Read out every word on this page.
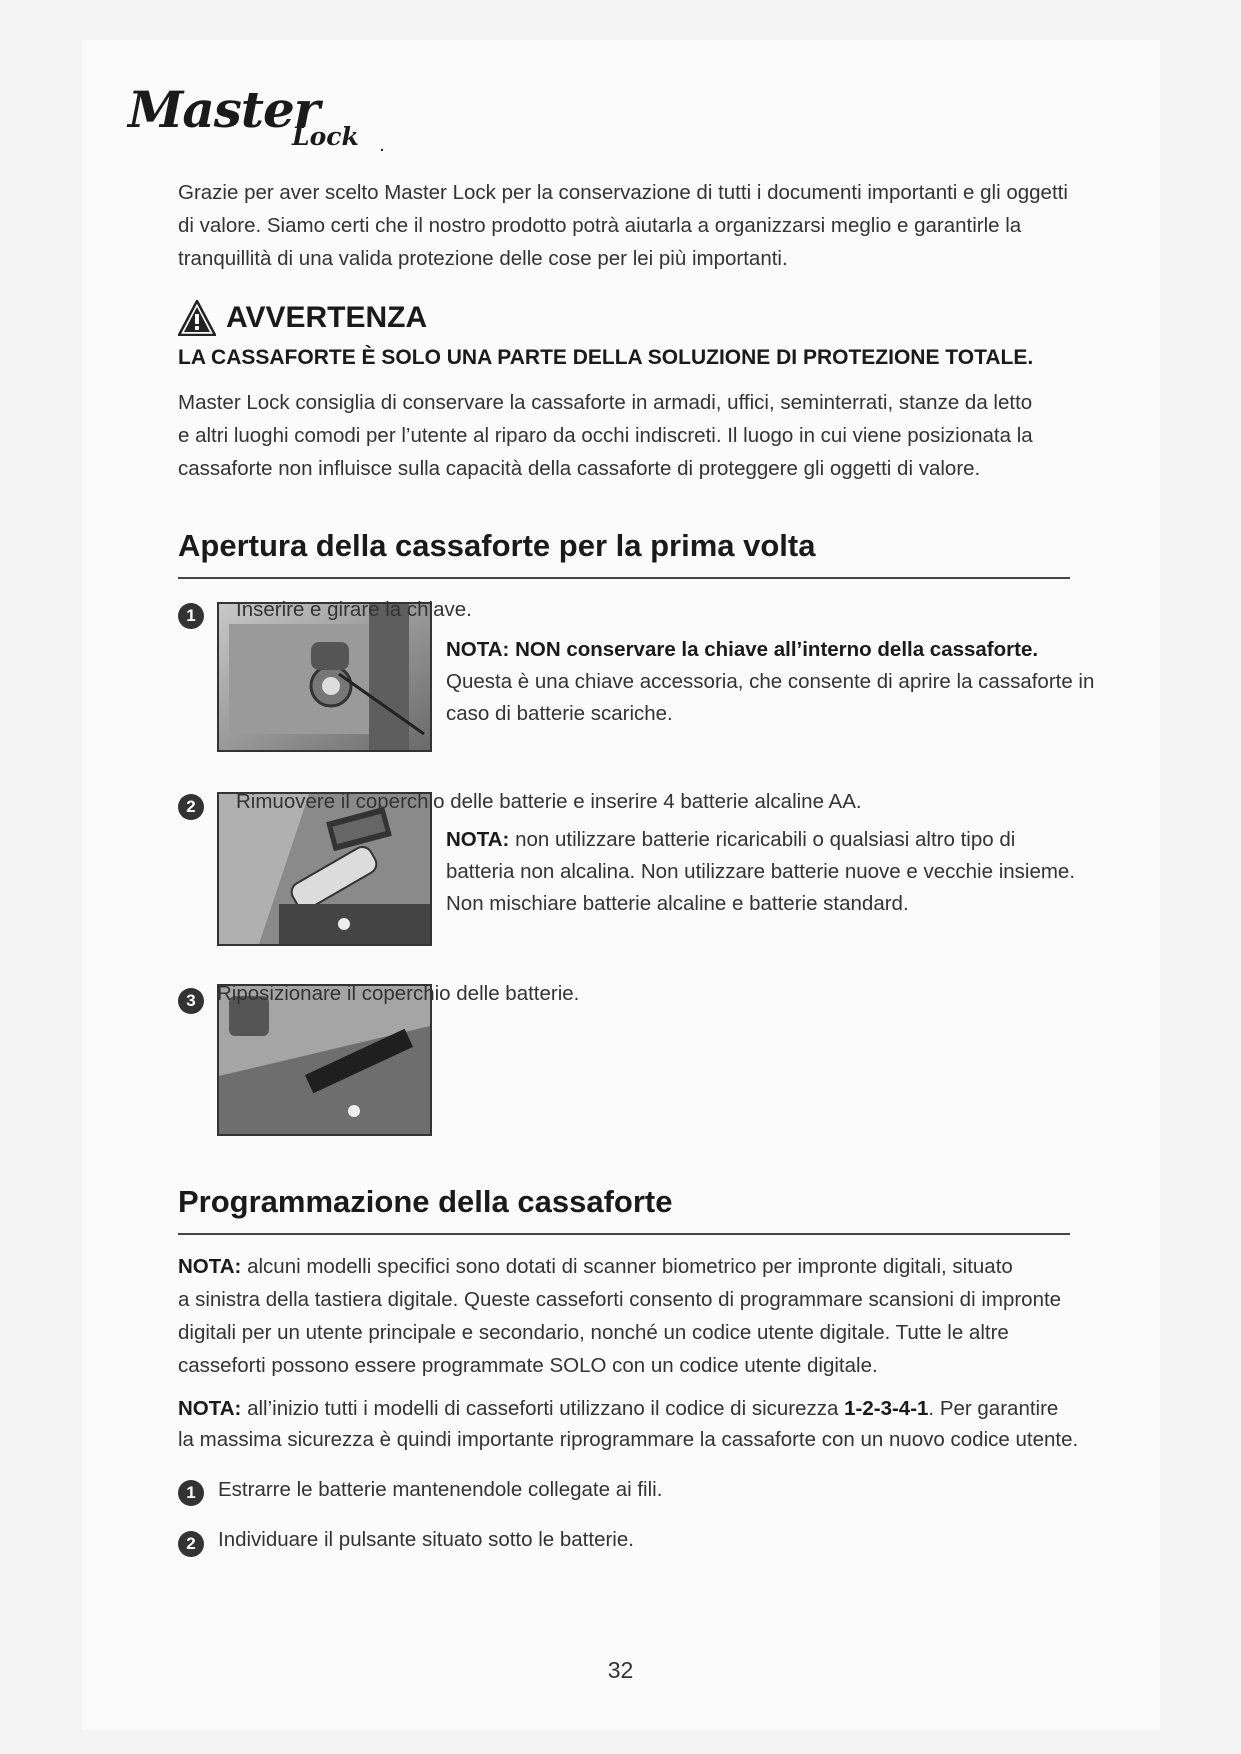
Master
Lock .
Grazie per aver scelto Master Lock per la conservazione di tutti i documenti importanti e gli oggetti
di valore. Siamo certi che il nostro prodotto potrà aiutarla a organizzarsi meglio e garantirle la
tranquillità di una valida protezione delle cose per lei più importanti.
AVVERTENZA
LA CASSAFORTE È SOLO UNA PARTE DELLA SOLUZIONE DI PROTEZIONE TOTALE.
Master Lock consiglia di conservare la cassaforte in armadi, uffici, seminterrati, stanze da letto
e altri luoghi comodi per l’utente al riparo da occhi indiscreti. Il luogo in cui viene posizionata la
cassaforte non influisce sulla capacità della cassaforte di proteggere gli oggetti di valore.
Apertura della cassaforte per la prima volta
1	Inserire e girare la chiave.
NOTA: NON conservare la chiave all’interno della cassaforte.
Questa è una chiave accessoria, che consente di aprire la cassaforte in
caso di batterie scariche.
2	Rimuovere il coperchio delle batterie e inserire 4 batterie alcaline AA.
NOTA: non utilizzare batterie ricaricabili o qualsiasi altro tipo di
batteria non alcalina. Non utilizzare batterie nuove e vecchie insieme.
Non mischiare batterie alcaline e batterie standard.
3	Riposizionare il coperchio delle batterie.
Programmazione della cassaforte
NOTA: alcuni modelli specifici sono dotati di scanner biometrico per impronte digitali, situato
a sinistra della tastiera digitale. Queste casseforti consento di programmare scansioni di impronte
digitali per un utente principale e secondario, nonché un codice utente digitale. Tutte le altre
casseforti possono essere programmate SOLO con un codice utente digitale.
NOTA: all’inizio tutti i modelli di casseforti utilizzano il codice di sicurezza 1-2-3-4-1. Per garantire
la massima sicurezza è quindi importante riprogrammare la cassaforte con un nuovo codice utente.
1	Estrarre le batterie mantenendole collegate ai fili.
2	Individuare il pulsante situato sotto le batterie.
32
